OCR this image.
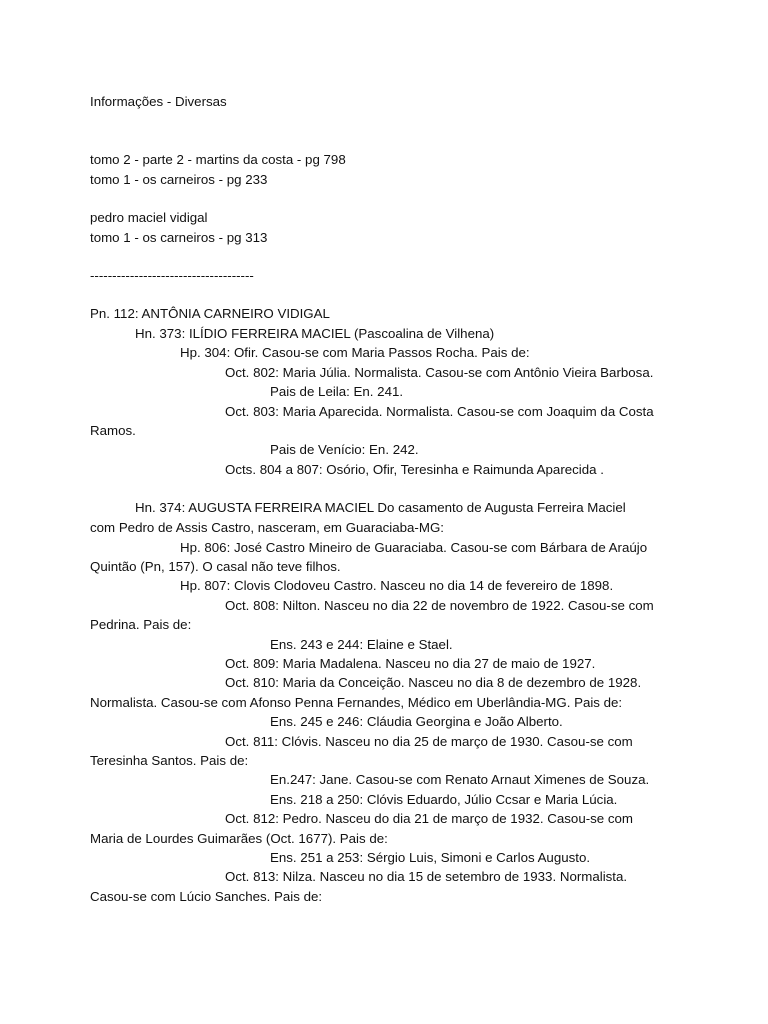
Informações - Diversas
tomo 2 - parte 2 - martins da costa - pg 798
tomo 1 - os carneiros - pg 233
pedro maciel vidigal
tomo 1 - os carneiros - pg 313
-------------------------------------
Pn. 112: ANTÔNIA CARNEIRO VIDIGAL
Hn. 373: ILÍDIO FERREIRA MACIEL (Pascoalina de Vilhena)
Hp. 304: Ofir. Casou-se com Maria Passos Rocha. Pais de:
Oct. 802: Maria Júlia. Normalista. Casou-se com Antônio Vieira Barbosa.
Pais de Leila: En. 241.
Oct. 803: Maria Aparecida. Normalista. Casou-se com Joaquim da Costa
Ramos.
Pais de Venício: En. 242.
Octs. 804 a 807: Osório, Ofir, Teresinha e Raimunda Aparecida .
Hn. 374: AUGUSTA FERREIRA MACIEL Do casamento de Augusta Ferreira Maciel
com Pedro de Assis Castro, nasceram, em Guaraciaba-MG:
Hp. 806: José Castro Mineiro de Guaraciaba. Casou-se com Bárbara de Araújo
Quintão (Pn, 157). O casal não teve filhos.
Hp. 807: Clovis Clodoveu Castro. Nasceu no dia 14 de fevereiro de 1898.
Oct. 808: Nilton. Nasceu no dia 22 de novembro de 1922. Casou-se com
Pedrina. Pais de:
Ens. 243 e 244: Elaine e Stael.
Oct. 809: Maria Madalena. Nasceu no dia 27 de maio de 1927.
Oct. 810: Maria da Conceição. Nasceu no dia 8 de dezembro de 1928.
Normalista. Casou-se com Afonso Penna Fernandes, Médico em Uberlândia-MG. Pais de:
Ens. 245 e 246: Cláudia Georgina e João Alberto.
Oct. 811: Clóvis. Nasceu no dia 25 de março de 1930. Casou-se com
Teresinha Santos. Pais de:
En.247: Jane. Casou-se com Renato Arnaut Ximenes de Souza.
Ens. 218 a 250: Clóvis Eduardo, Júlio Ccsar e Maria Lúcia.
Oct. 812: Pedro. Nasceu do dia 21 de março de 1932. Casou-se com
Maria de Lourdes Guimarães (Oct. 1677). Pais de:
Ens. 251 a 253: Sérgio Luis, Simoni e Carlos Augusto.
Oct. 813: Nilza. Nasceu no dia 15 de setembro de 1933. Normalista.
Casou-se com Lúcio Sanches. Pais de:
